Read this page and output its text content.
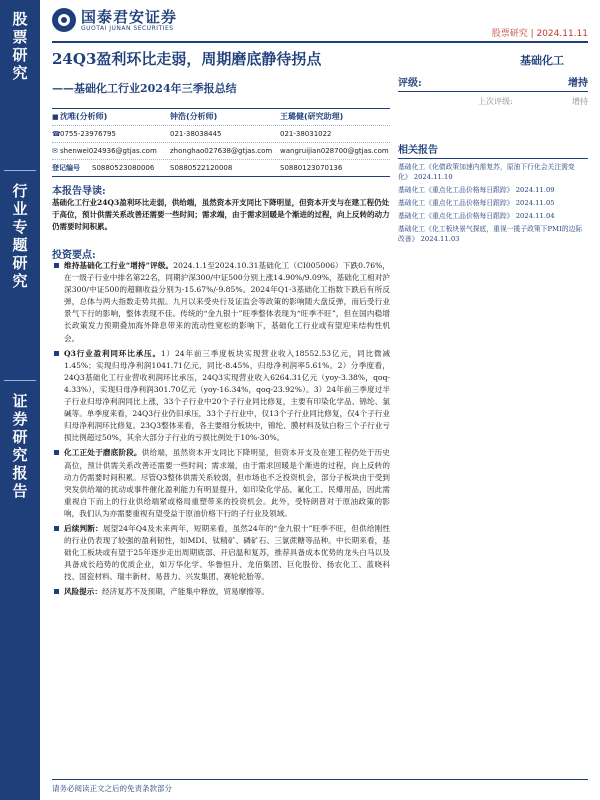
股
票
研
究
行
业
专
题
研
究
证
券
研
究
报
告
国泰君安证券
GUOTAI JUNAN SECURITIES
股票研究 | 2024.11.11
24Q3盈利环比走弱，周期磨底静待拐点	基础化工
——基础化工行业2024年三季报总结	评级:	增持
上次评级:	增持
■ 沈唯(分析师)	钟浩(分析师)	王璐健(研究助理)
☎ 0755-23976795	021-38038445	021-38031022
✉ shenwei024936@gtjas.com	zhonghao027638@gtjas.com	wangruijian028700@gtjas.com
登记编号	S0880523080006	S0880522120008	S0880123070136
相关报告
基础化工《化债政策加速内需复苏，原油下行化会关注需变化》 2024.11.10
基础化工《重点化工品价格每日跟踪》 2024.11.09
基础化工《重点化工品价格每日跟踪》 2024.11.05
基础化工《重点化工品价格每日跟踪》 2024.11.04
基础化工《化工板块景气探底，重视一揽子政策下PMI的边际改善》 2024.11.03
本报告导读:
基础化工行业24Q3盈利环比走弱，供给端，虽然资本开支同比下降明显，但资本开支与在建工程仍处于高位，预计供需关系改善还需要一些时间；需求端，由于需求回暖是个渐进的过程，向上反转的动力仍需要时间积累。
投资要点:
维持基础化工行业“增持”评级。2024.1.1至2024.10.31基础化工（CI005006）下跌0.76%，在一级子行业中排名第22名，同期沪深300/中证500分别上涨14.90%/9.09%，基础化工相对沪深300/中证500的超额收益分别为-15.67%/-9.85%。2024年Q1-3基础化工指数下跌后有所反弹，总体与两大指数走势共振。九月以来受央行及证监会等政策的影响随大盘反弹，而后受行业景气下行的影响，整体表现不佳。传统的“金九银十”旺季整体表现为“旺季不旺”，但在国内稳增长政策发力预期叠加海外降息带来的流动性宽松的影响下，基础化工行业或有望迎来结构性机会。
Q3行业盈利同环比承压。1）24年前三季度板块实现营业收入18552.53亿元，同比微减1.45%；实现归母净利润1041.71亿元，同比-8.45%，归母净利润率5.61%。2）分季度看，24Q3基础化工行业营收利润环比承压，24Q3实现营业收入6264.31亿元（yoy-3.38%，qoq-4.33%），实现归母净利润301.70亿元（yoy-16.34%，qoq-23.92%）。3）24年前三季度过半子行业归母净利润同比上涨，33个子行业中20个子行业同比修复，主要有印染化学品、锦纶、氯碱等。单季度来看，24Q3行业仍旧承压，33个子行业中，仅13个子行业同比修复，仅4个子行业归母净利润环比修复。23Q3整体来看，各主要细分板块中，锦纶、膜材料及钛白粉三个子行业亏损比例超过50%，其余大部分子行业的亏损比例处于10%-30%。
化工正处于磨底阶段。供给端，虽然资本开支同比下降明显，但资本开支及在建工程仍处于历史高位，预计供需关系改善还需要一些时间；需求端，由于需求回暖是个渐进的过程，向上反转的动力仍需要时间积累。尽管Q3整体供需关系较弱，但市场也不乏投资机会，部分子板块由于受到突发供给端的扰动或事件催化盈利能力有明显提升，如印染化学品、氟化工、民爆用品，因此需重视自下而上的行业供给端紧或格局重塑带来的投资机会。此外，受特朗普对于原油政策的影响，我们认为亦需要重视有望受益于原油价格下行的子行业及领域。
后续判断：展望24年Q4及未来两年，短期来看，虽然24年的“金九银十”旺季不旺，但供给刚性的行业仍表现了较强的盈利韧性，如MDI、钛精矿、磷矿石、三氯蔗糖等品种。中长期来看，基础化工板块或有望于25年逐步走出周期底部、开启温和复苏，推荐具备成本优势的龙头白马以及具备成长趋势的优质企业，如万华化学、华鲁恒升、龙佰集团、巨化股份、扬农化工、蓝晓科技、国瓷材料、瑞丰新材、易普力、兴发集团、赛轮轮胎等。
风险提示：经济复苏不及预期，产能集中释放，贸易摩擦等。
请务必阅读正文之后的免责条款部分
